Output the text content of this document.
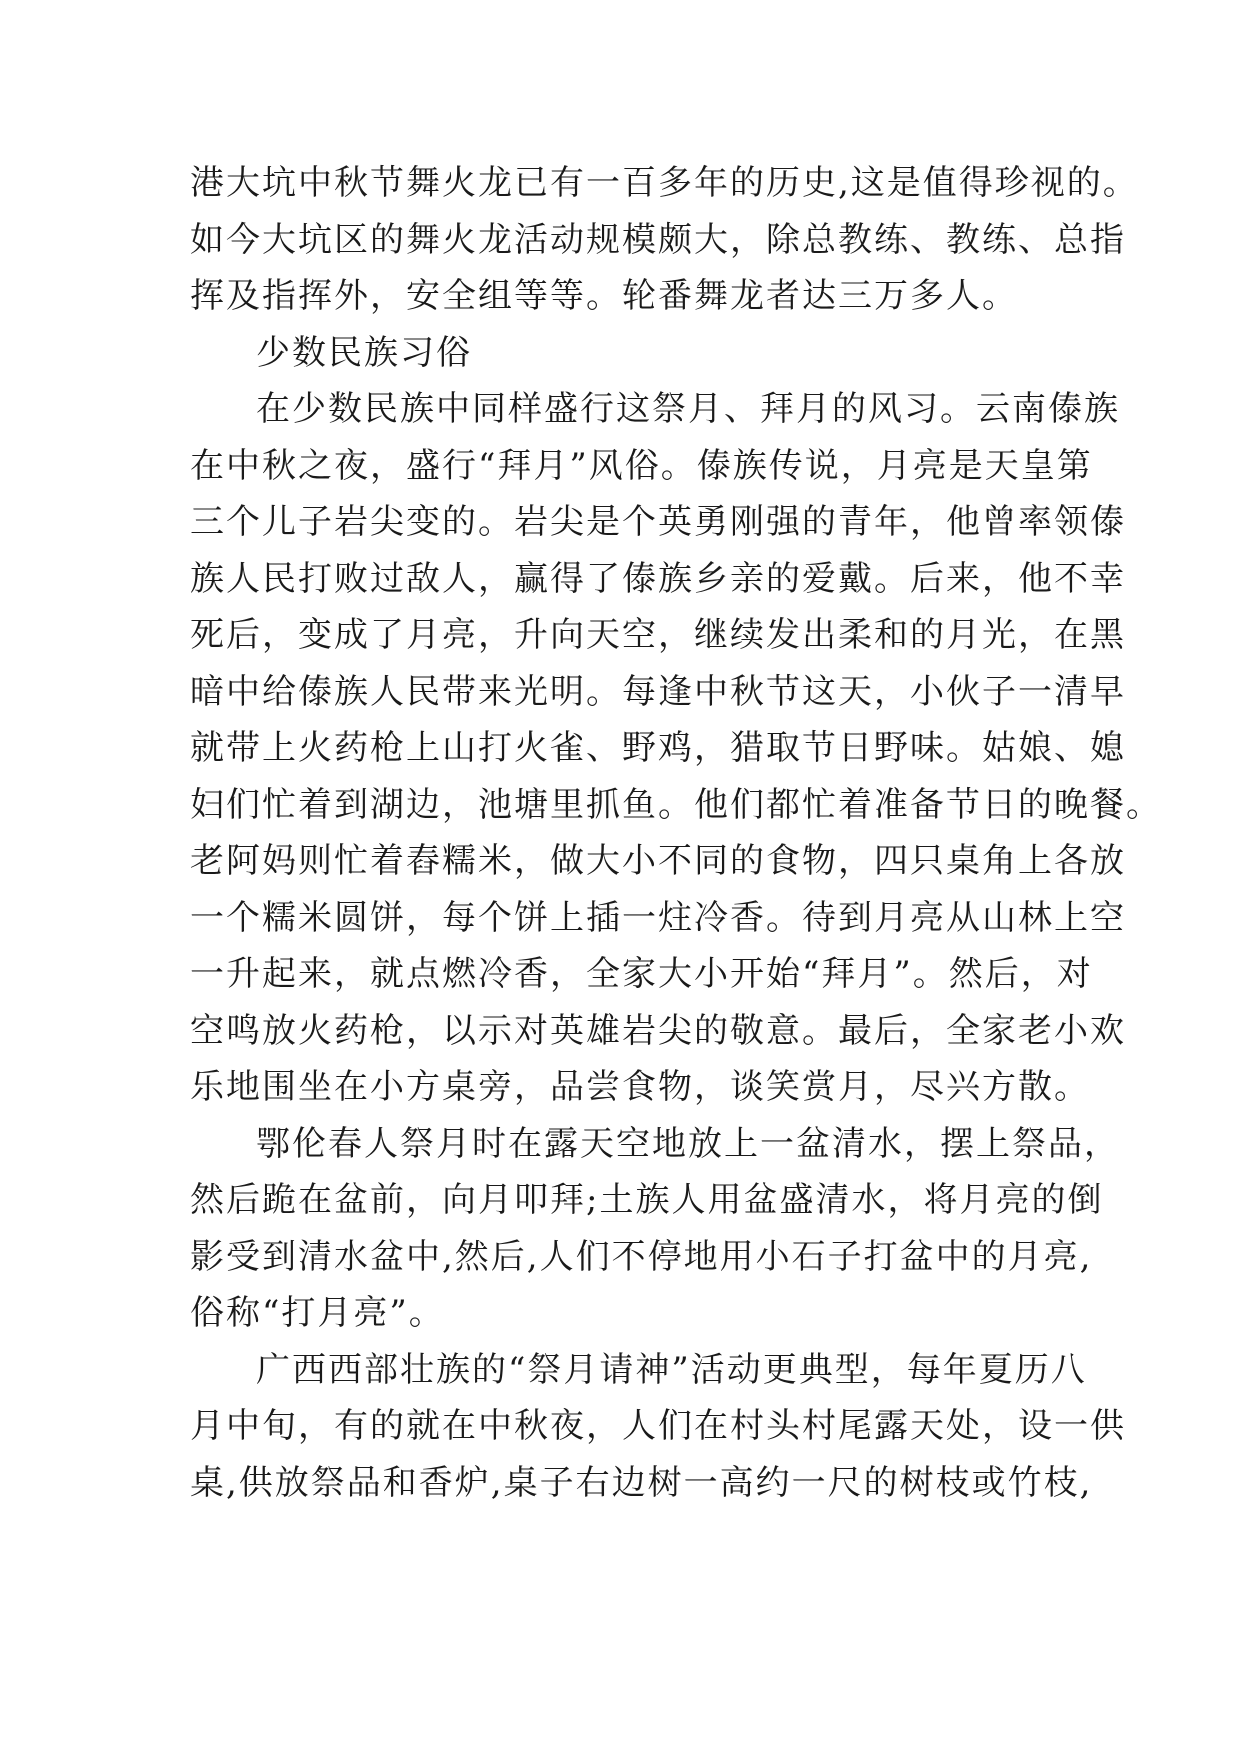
港大坑中秋节舞火龙已有一百多年的历史,这是值得珍视的。
如今大坑区的舞火龙活动规模颇大，除总教练、教练、总指
挥及指挥外，安全组等等。轮番舞龙者达三万多人。
少数民族习俗
在少数民族中同样盛行这祭月、拜月的风习。云南傣族
在中秋之夜，盛行“拜月”风俗。傣族传说，月亮是天皇第
三个儿子岩尖变的。岩尖是个英勇刚强的青年，他曾率领傣
族人民打败过敌人，赢得了傣族乡亲的爱戴。后来，他不幸
死后，变成了月亮，升向天空，继续发出柔和的月光，在黑
暗中给傣族人民带来光明。每逢中秋节这天，小伙子一清早
就带上火药枪上山打火雀、野鸡，猎取节日野味。姑娘、媳
妇们忙着到湖边，池塘里抓鱼。他们都忙着准备节日的晚餐。
老阿妈则忙着舂糯米，做大小不同的食物，四只桌角上各放
一个糯米圆饼，每个饼上插一炷冷香。待到月亮从山林上空
一升起来，就点燃冷香，全家大小开始“拜月”。然后，对
空鸣放火药枪，以示对英雄岩尖的敬意。最后，全家老小欢
乐地围坐在小方桌旁，品尝食物，谈笑赏月，尽兴方散。
鄂伦春人祭月时在露天空地放上一盆清水，摆上祭品，
然后跪在盆前，向月叩拜;土族人用盆盛清水，将月亮的倒
影受到清水盆中,然后,人们不停地用小石子打盆中的月亮,
俗称“打月亮”。
广西西部壮族的“祭月请神”活动更典型，每年夏历八
月中旬，有的就在中秋夜，人们在村头村尾露天处，设一供
桌,供放祭品和香炉,桌子右边树一高约一尺的树枝或竹枝,
